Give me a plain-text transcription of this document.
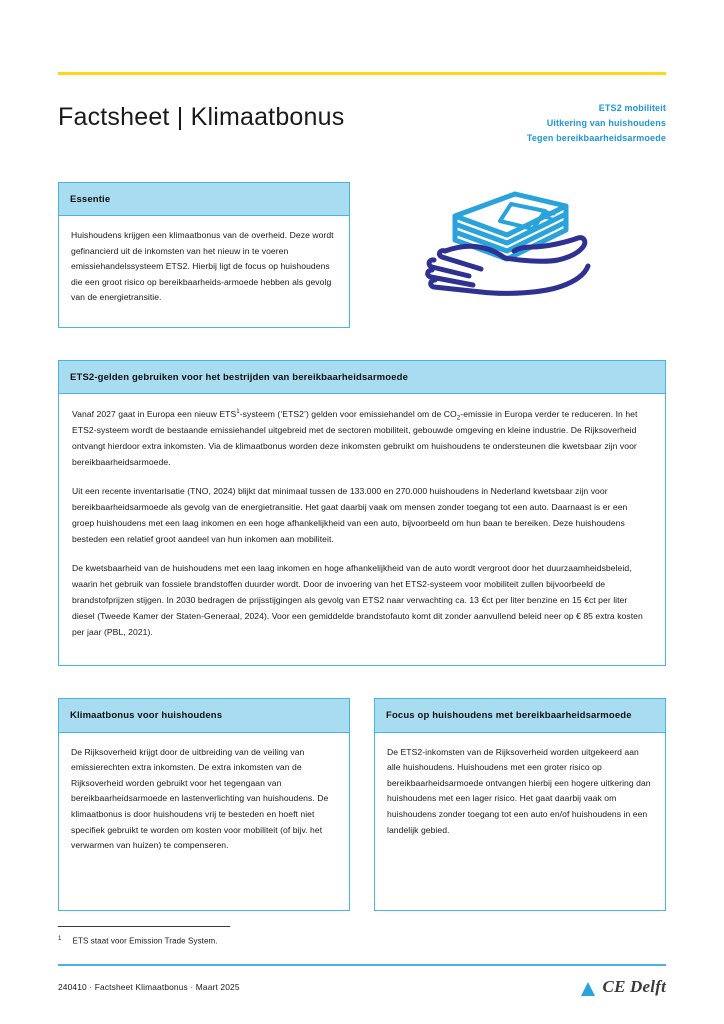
Factsheet | Klimaatbonus	ETS2 mobiliteit
Uitkering van huishoudens
Tegen bereikbaarheidsarmoede
Essentie

Huishoudens krijgen een klimaatbonus van de overheid. Deze wordt gefinancierd uit de inkomsten van het nieuw in te voeren emissiehandelssysteem ETS2. Hierbij ligt de focus op huishoudens die een groot risico op bereikbaarheids-armoede hebben als gevolg van de energietransitie.

ETS2-gelden gebruiken voor het bestrijden van bereikbaarheidsarmoede

Vanaf 2027 gaat in Europa een nieuw ETS$^1$-systeem (‘ETS2’) gelden voor emissiehandel om de $CO_2$-emissie in Europa verder te reduceren. In het ETS2-systeem wordt de bestaande emissiehandel uitgebreid met de sectoren mobiliteit, gebouwde omgeving en kleine industrie. De Rijksoverheid ontvangt hierdoor extra inkomsten. Via de klimaatbonus worden deze inkomsten gebruikt om huishoudens te ondersteunen die kwetsbaar zijn voor bereikbaarheidsarmoede.

Uit een recente inventarisatie (TNO, 2024) blijkt dat minimaal tussen de 133.000 en 270.000 huishoudens in Nederland kwetsbaar zijn voor bereikbaarheidsarmoede als gevolg van de energietransitie. Het gaat daarbij vaak om mensen zonder toegang tot een auto. Daarnaast is er een groep huishoudens met een laag inkomen en een hoge afhankelijkheid van een auto, bijvoorbeeld om hun baan te bereiken. Deze huishoudens besteden een relatief groot aandeel van hun inkomen aan mobiliteit.

De kwetsbaarheid van de huishoudens met een laag inkomen en hoge afhankelijkheid van de auto wordt vergroot door het duurzaamheidsbeleid, waarin het gebruik van fossiele brandstoffen duurder wordt. Door de invoering van het ETS2-systeem voor mobiliteit zullen bijvoorbeeld de brandstofprijzen stijgen. In 2030 bedragen de prijsstijgingen als gevolg van ETS2 naar verwachting ca. 13 €ct per liter benzine en 15 €ct per liter diesel (Tweede Kamer der Staten-Generaal, 2024). Voor een gemiddelde brandstofauto komt dit zonder aanvullend beleid neer op € 85 extra kosten per jaar (PBL, 2021).

Klimaatbonus voor huishoudens

De Rijksoverheid krijgt door de uitbreiding van de veiling van emissierechten extra inkomsten. De extra inkomsten van de Rijksoverheid worden gebruikt voor het tegengaan van bereikbaarheidsarmoede en lastenverlichting van huishoudens. De klimaatbonus is door huishoudens vrij te besteden en hoeft niet specifiek gebruikt te worden om kosten voor mobiliteit (of bijv. het verwarmen van huizen) te compenseren.

Focus op huishoudens met bereikbaarheidsarmoede

De ETS2-inkomsten van de Rijksoverheid worden uitgekeerd aan alle huishoudens. Huishoudens met een groter risico op bereikbaarheidsarmoede ontvangen hierbij een hogere uitkering dan huishoudens met een lager risico. Het gaat daarbij vaak om huishoudens zonder toegang tot een auto en/of huishoudens in een landelijk gebied.

$^1$ ETS staat voor Emission Trade System.
240410 · Factsheet Klimaatbonus · Maart 2025	CE Delft
